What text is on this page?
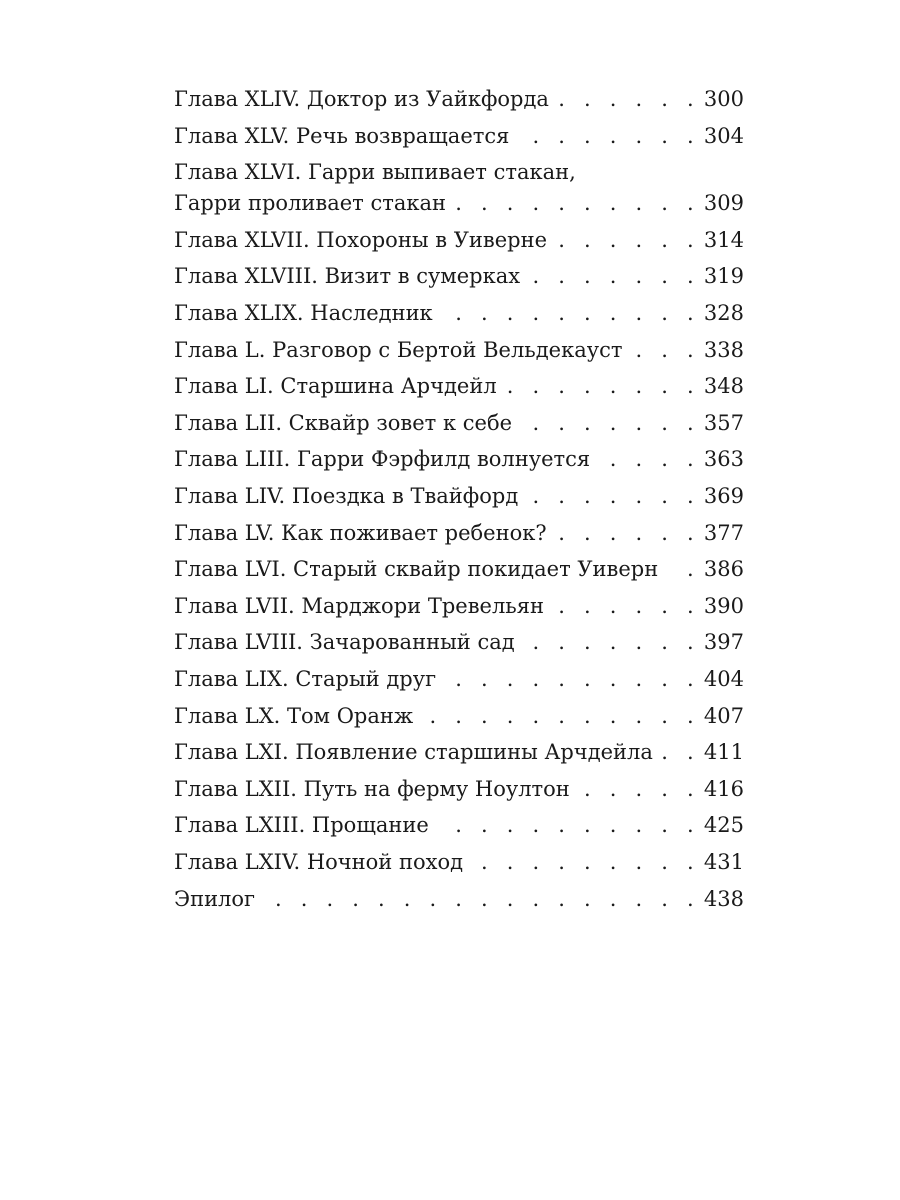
Глава XLIV. Доктор из Уайкфорда . . .	300
Глава XLV. Речь возвращается . . .	304
Глава XLVI. Гарри выпивает стакан,
Гарри проливает стакан . . .	309
Глава XLVII. Похороны в Уиверне . . .	314
Глава XLVIII. Визит в сумерках . . .	319
Глава XLIX. Наследник . . .	328
Глава L. Разговор с Бертой Вельдекауст . . .	338
Глава LI. Старшина Арчдейл . . .	348
Глава LII. Сквайр зовет к себе . . .	357
Глава LIII. Гарри Фэрфилд волнуется . . .	363
Глава LIV. Поездка в Твайфорд . . .	369
Глава LV. Как поживает ребенок? . . .	377
Глава LVI. Старый сквайр покидает Уиверн . . .	386
Глава LVII. Марджори Тревельян . . .	390
Глава LVIII. Зачарованный сад . . .	397
Глава LIX. Старый друг . . .	404
Глава LX. Том Оранж . . .	407
Глава LXI. Появление старшины Арчдейла . . .	411
Глава LXII. Путь на ферму Ноултон . . .	416
Глава LXIII. Прощание . . .	425
Глава LXIV. Ночной поход . . .	431
Эпилог . . .	438
